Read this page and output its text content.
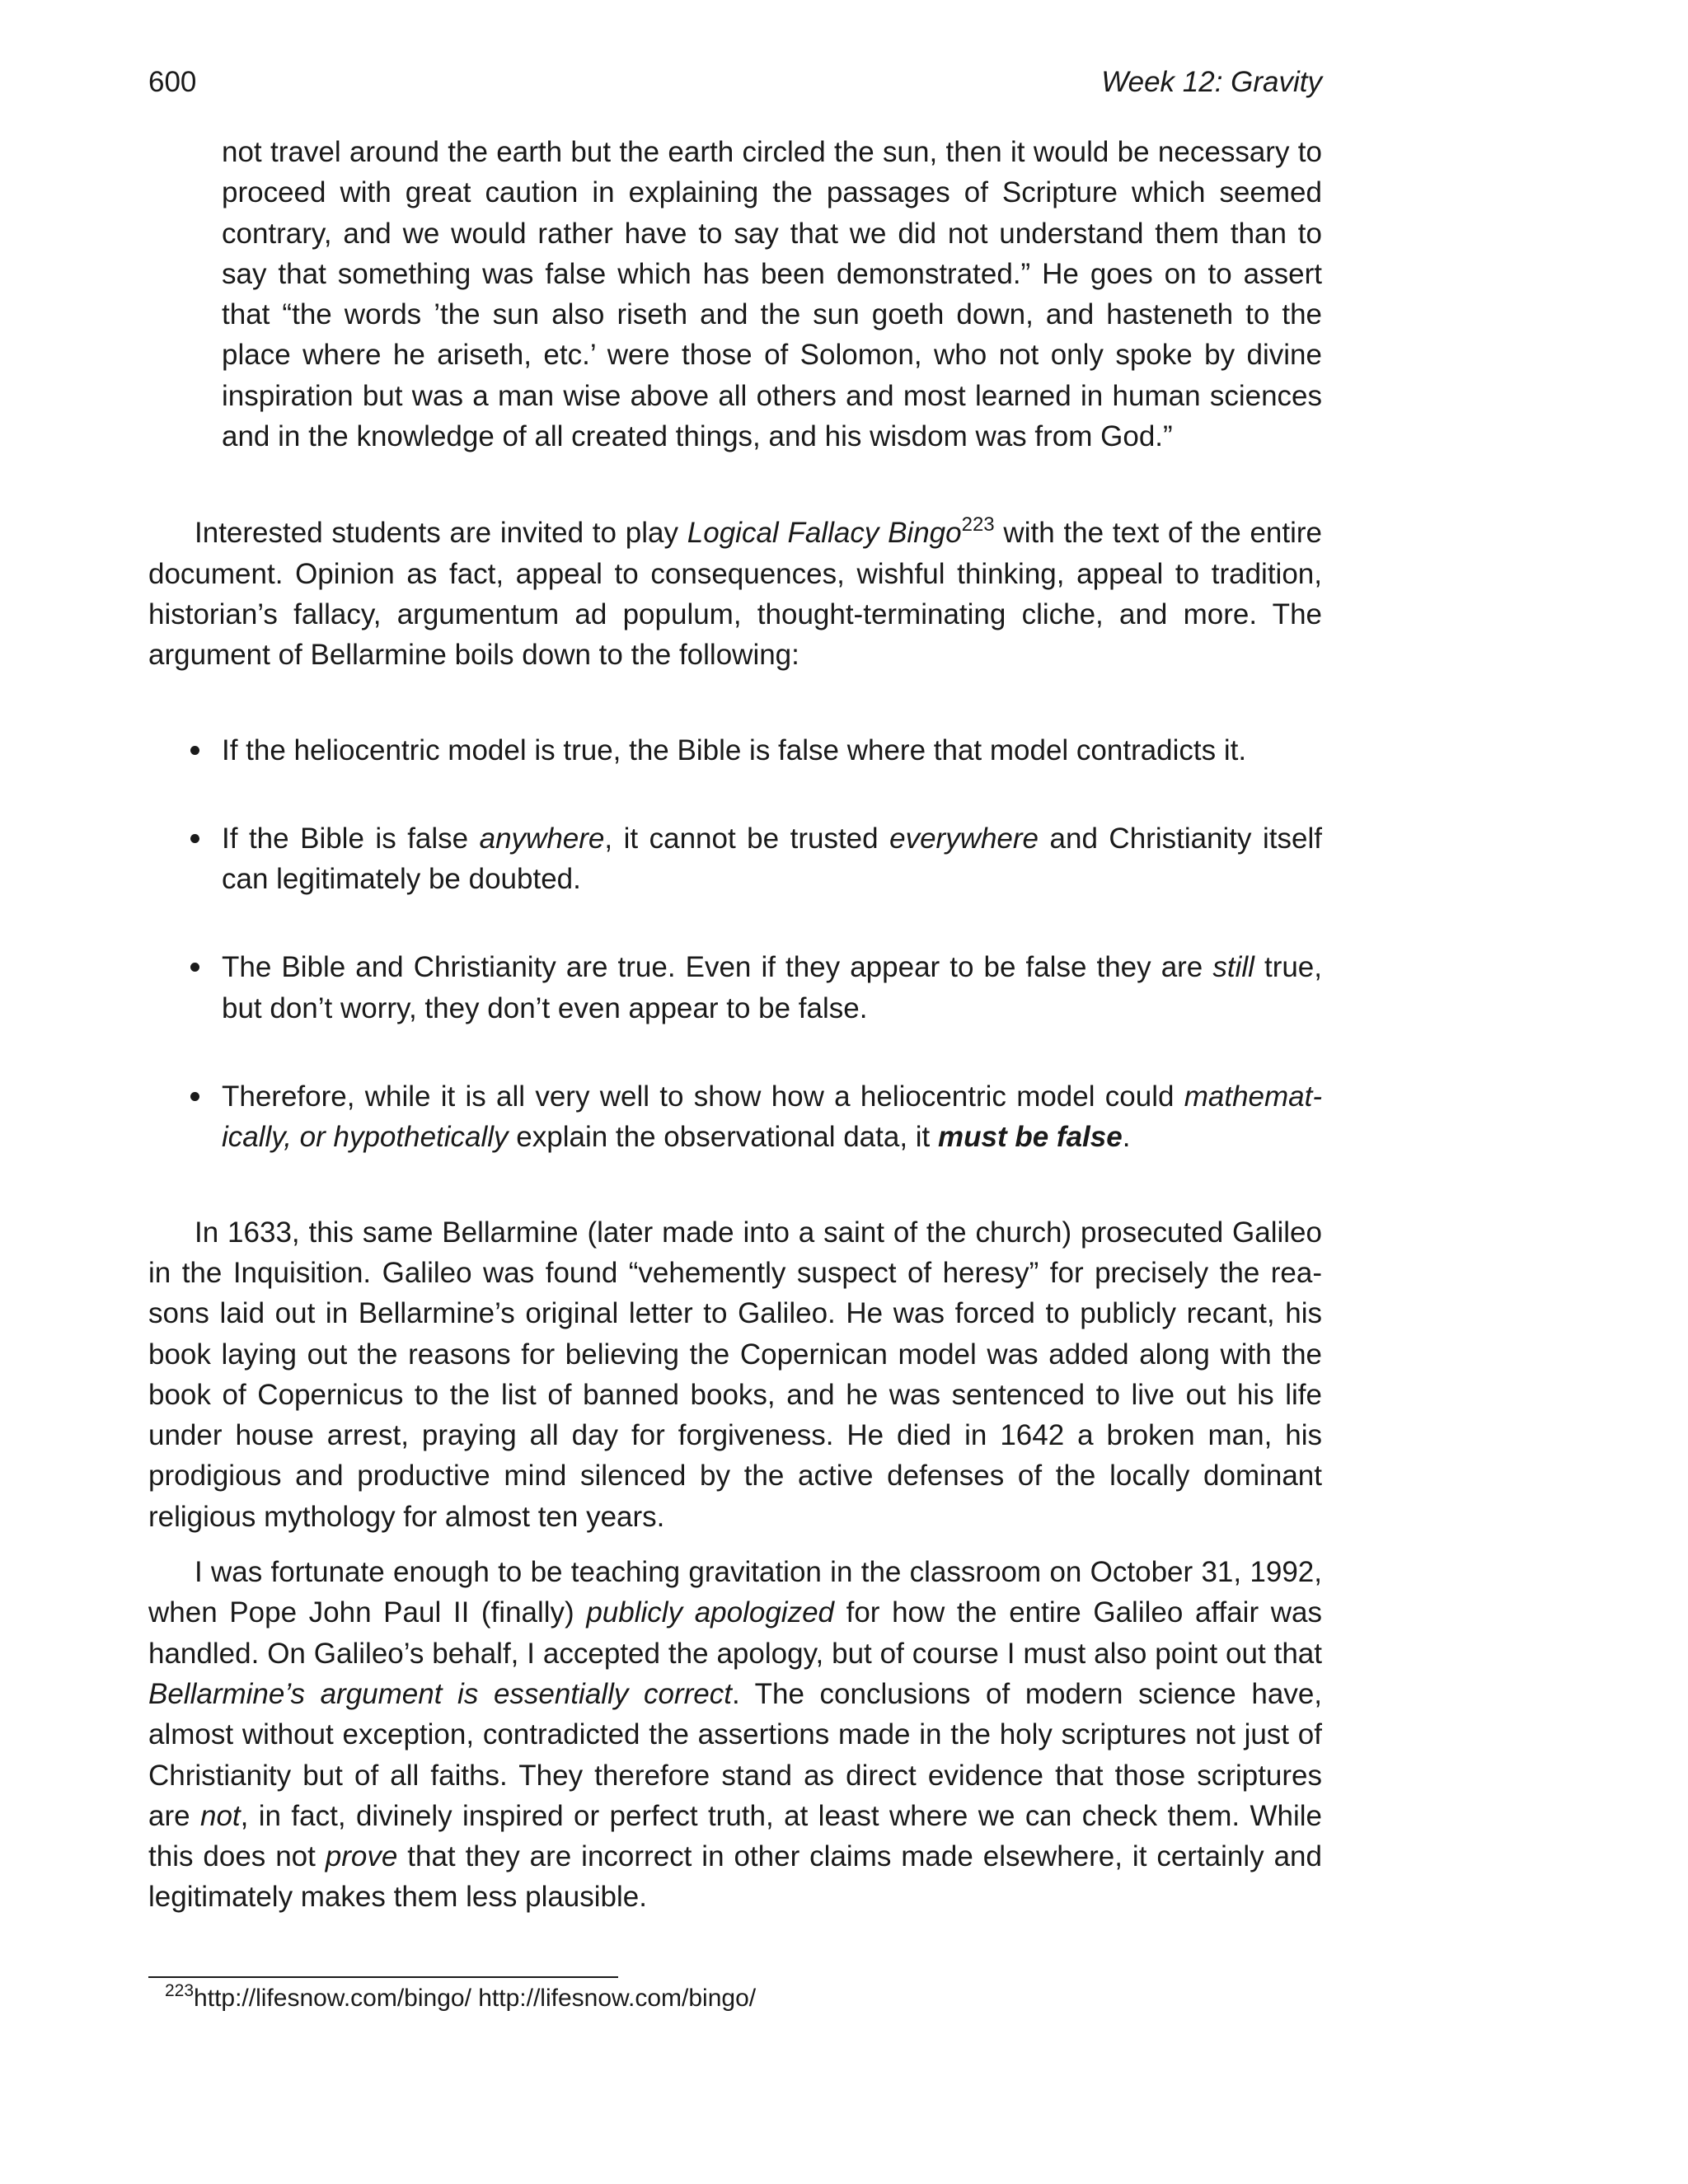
600	Week 12: Gravity
not travel around the earth but the earth circled the sun, then it would be necessary to proceed with great caution in explaining the passages of Scripture which seemed contrary, and we would rather have to say that we did not understand them than to say that something was false which has been demonstrated.” He goes on to assert that “the words ’the sun also riseth and the sun goeth down, and hasteneth to the place where he ariseth, etc.’ were those of Solomon, who not only spoke by divine inspiration but was a man wise above all others and most learned in human sciences and in the knowledge of all created things, and his wisdom was from God.”

Interested students are invited to play Logical Fallacy Bingo$^{223}$ with the text of the entire document. Opinion as fact, appeal to consequences, wishful thinking, appeal to tradition, historian’s fallacy, argumentum ad populum, thought-terminating cliche, and more. The argument of Bellarmine boils down to the following:

If the heliocentric model is true, the Bible is false where that model contradicts it.
If the Bible is false anywhere, it cannot be trusted everywhere and Christianity itself can legitimately be doubted.
The Bible and Christianity are true. Even if they appear to be false they are still true, but don’t worry, they don’t even appear to be false.
Therefore, while it is all very well to show how a heliocentric model could mathemat-ically, or hypothetically explain the observational data, it must be false.

In 1633, this same Bellarmine (later made into a saint of the church) prosecuted Galileo in the Inquisition. Galileo was found “vehemently suspect of heresy” for precisely the rea-sons laid out in Bellarmine’s original letter to Galileo. He was forced to publicly recant, his book laying out the reasons for believing the Copernican model was added along with the book of Copernicus to the list of banned books, and he was sentenced to live out his life under house arrest, praying all day for forgiveness. He died in 1642 a broken man, his prodigious and productive mind silenced by the active defenses of the locally dominant religious mythology for almost ten years.

I was fortunate enough to be teaching gravitation in the classroom on October 31, 1992, when Pope John Paul II (finally) publicly apologized for how the entire Galileo affair was handled. On Galileo’s behalf, I accepted the apology, but of course I must also point out that Bellarmine’s argument is essentially correct. The conclusions of modern science have, almost without exception, contradicted the assertions made in the holy scriptures not just of Christianity but of all faiths. They therefore stand as direct evidence that those scriptures are not, in fact, divinely inspired or perfect truth, at least where we can check them. While this does not prove that they are incorrect in other claims made elsewhere, it certainly and legitimately makes them less plausible.

$^{223}$http://lifesnow.com/bingo/ http://lifesnow.com/bingo/
